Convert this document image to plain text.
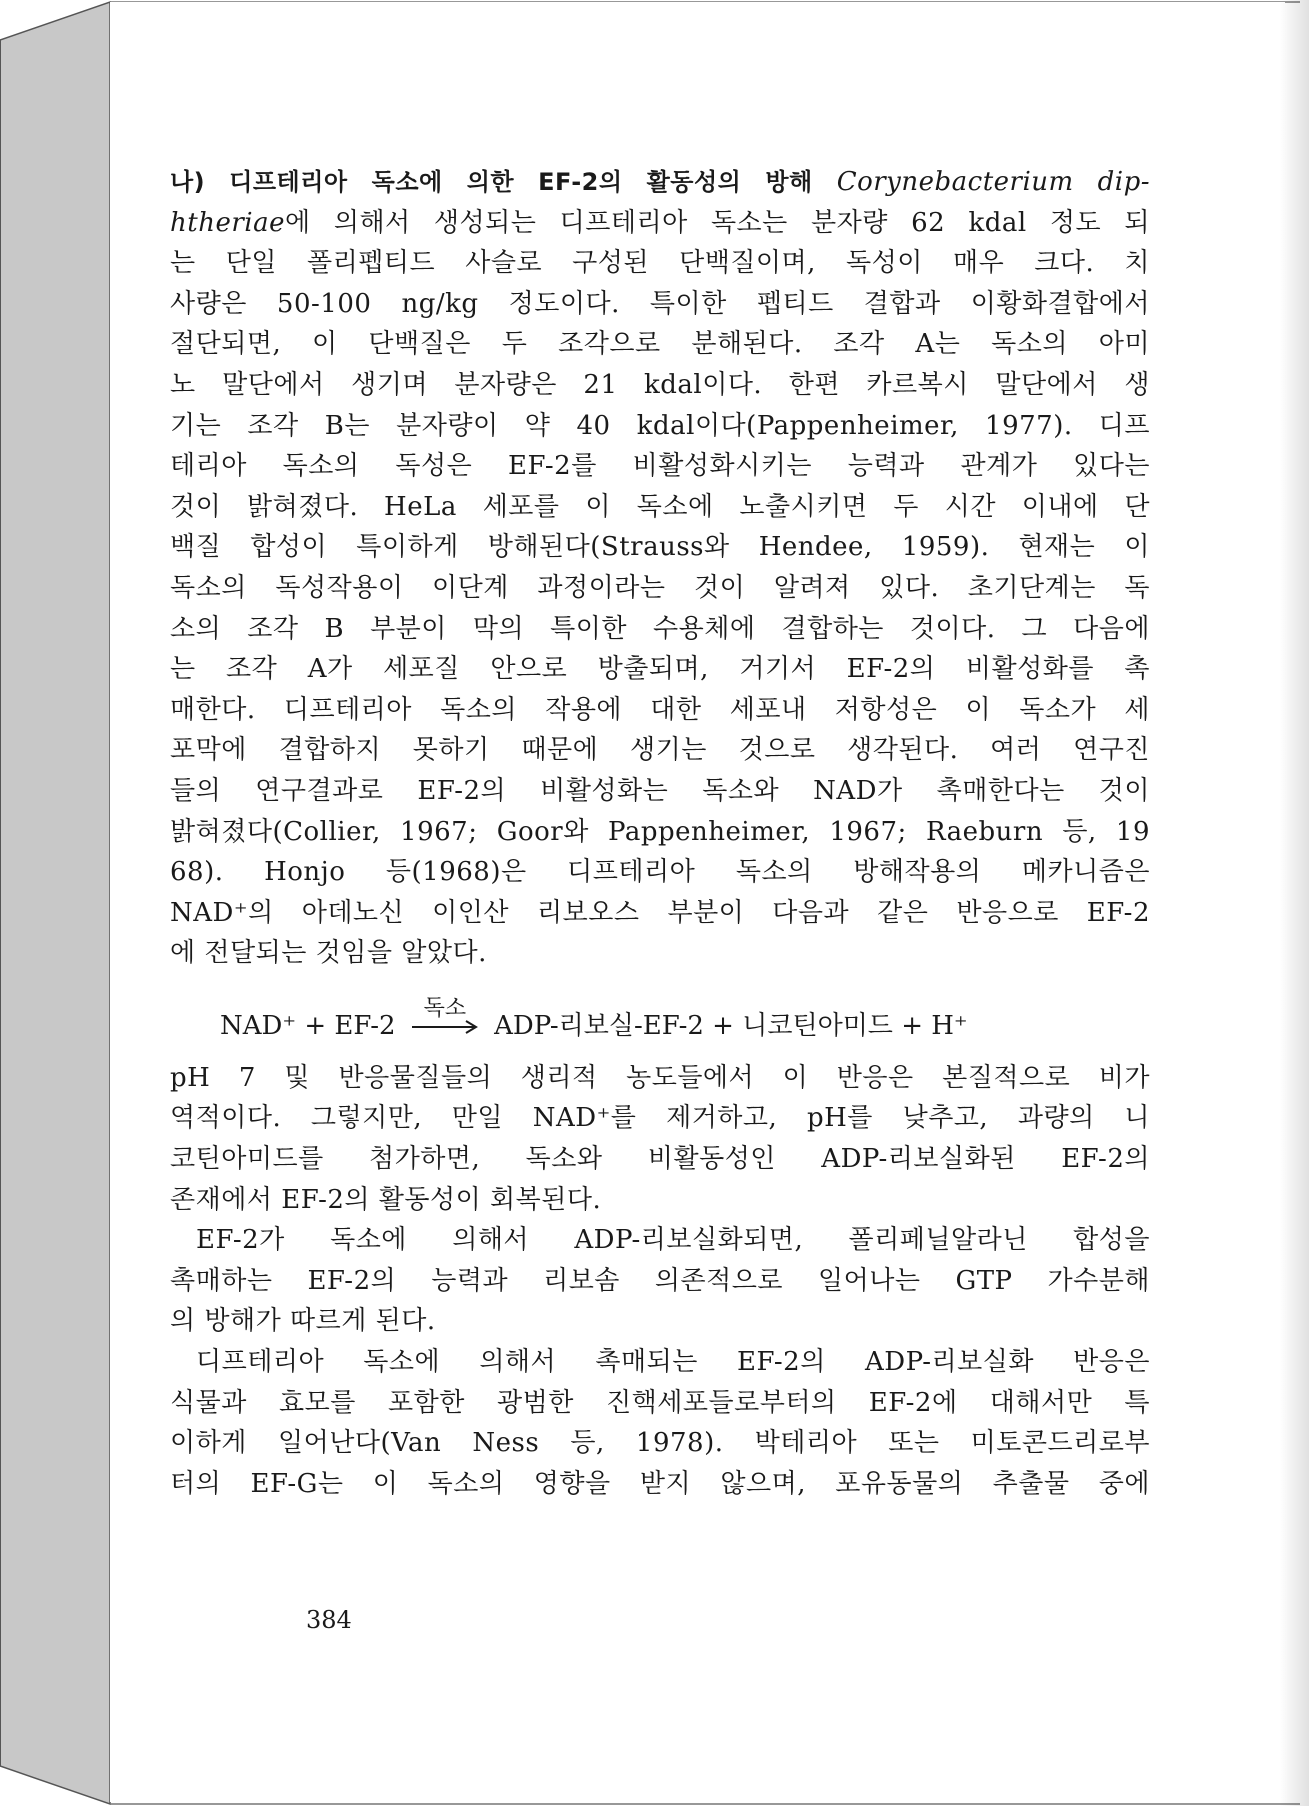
나) 디프테리아 독소에 의한 EF-2의 활동성의 방해 Corynebacterium dip-
htheriae에 의해서 생성되는 디프테리아 독소는 분자량 62 kdal 정도 되
는 단일 폴리펩티드 사슬로 구성된 단백질이며, 독성이 매우 크다. 치
사량은 50-100 ng/kg 정도이다. 특이한 펩티드 결합과 이황화결합에서
절단되면, 이 단백질은 두 조각으로 분해된다. 조각 A는 독소의 아미
노 말단에서 생기며 분자량은 21 kdal이다. 한편 카르복시 말단에서 생
기는 조각 B는 분자량이 약 40 kdal이다(Pappenheimer, 1977). 디프
테리아 독소의 독성은 EF-2를 비활성화시키는 능력과 관계가 있다는
것이 밝혀졌다. HeLa 세포를 이 독소에 노출시키면 두 시간 이내에 단
백질 합성이 특이하게 방해된다(Strauss와 Hendee, 1959). 현재는 이
독소의 독성작용이 이단계 과정이라는 것이 알려져 있다. 초기단계는 독
소의 조각 B 부분이 막의 특이한 수용체에 결합하는 것이다. 그 다음에
는 조각 A가 세포질 안으로 방출되며, 거기서 EF-2의 비활성화를 촉
매한다. 디프테리아 독소의 작용에 대한 세포내 저항성은 이 독소가 세
포막에 결합하지 못하기 때문에 생기는 것으로 생각된다. 여러 연구진
들의 연구결과로 EF-2의 비활성화는 독소와 NAD가 촉매한다는 것이
밝혀졌다(Collier, 1967; Goor와 Pappenheimer, 1967; Raeburn 등, 19
68). Honjo 등(1968)은 디프테리아 독소의 방해작용의 메카니즘은
NAD⁺의 아데노신 이인산 리보오스 부분이 다음과 같은 반응으로 EF-2
에 전달되는 것임을 알았다.
NAD⁺ + EF-2
독소
ADP-리보실-EF-2 + 니코틴아미드 + H⁺
pH 7 및 반응물질들의 생리적 농도들에서 이 반응은 본질적으로 비가
역적이다. 그렇지만, 만일 NAD⁺를 제거하고, pH를 낮추고, 과량의 니
코틴아미드를 첨가하면, 독소와 비활동성인 ADP-리보실화된 EF-2의
존재에서 EF-2의 활동성이 회복된다.
EF-2가 독소에 의해서 ADP-리보실화되면, 폴리페닐알라닌 합성을
촉매하는 EF-2의 능력과 리보솜 의존적으로 일어나는 GTP 가수분해
의 방해가 따르게 된다.
디프테리아 독소에 의해서 촉매되는 EF-2의 ADP-리보실화 반응은
식물과 효모를 포함한 광범한 진핵세포들로부터의 EF-2에 대해서만 특
이하게 일어난다(Van Ness 등, 1978). 박테리아 또는 미토콘드리로부
터의 EF-G는 이 독소의 영향을 받지 않으며, 포유동물의 추출물 중에
384
